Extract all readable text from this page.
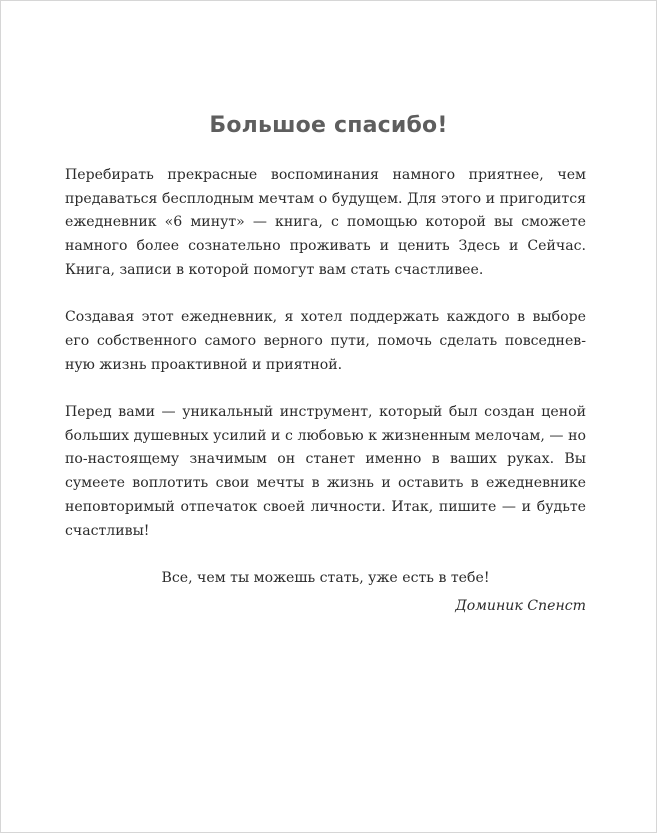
Большое спасибо!

Перебирать прекрасные воспоминания намного приятнее, чем предаваться бесплодным мечтам о будущем. Для этого и пригодится ежедневник «6 минут» — книга, с помощью которой вы сможете намного более сознательно проживать и ценить Здесь и Сейчас. Книга, записи в которой помогут вам стать счастливее.

Создавая этот ежедневник, я хотел поддержать каждого в выборе его собственного самого верного пути, помочь сделать повседневную жизнь проактивной и приятной.

Перед вами — уникальный инструмент, который был создан ценой больших душевных усилий и с любовью к жизненным мелочам, — но по-настоящему значимым он станет именно в ваших руках. Вы сумеете воплотить свои мечты в жизнь и оставить в ежедневнике неповторимый отпечаток своей личности. Итак, пишите — и будьте счастливы!

Все, чем ты можешь стать, уже есть в тебе!
Доминик Спенст
